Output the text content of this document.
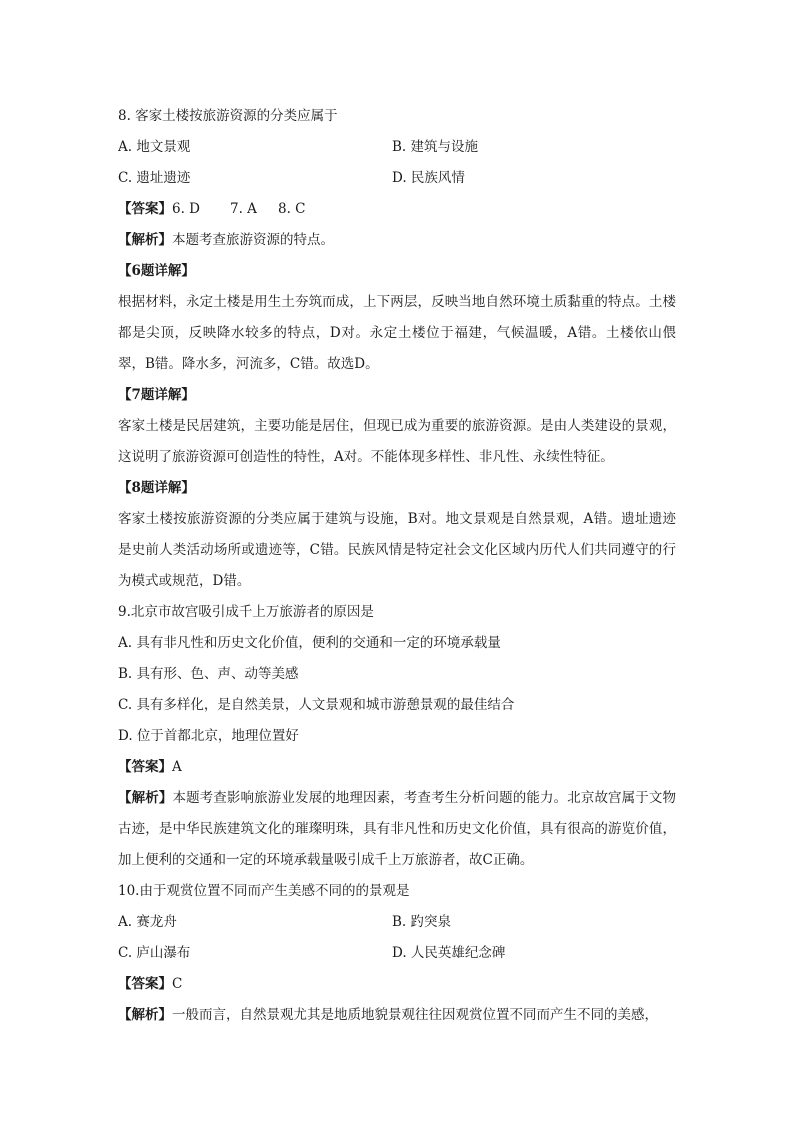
8. 客家土楼按旅游资源的分类应属于
A. 地文景观	B. 建筑与设施
C. 遗址遗迹	D. 民族风情
【答案】6. D 7. A 8. C
【解析】本题考查旅游资源的特点。
【6题详解】
根据材料，永定土楼是用生土夯筑而成，上下两层，反映当地自然环境土质黏重的特点。土楼都是尖顶，反映降水较多的特点，D对。永定土楼位于福建，气候温暖，A错。土楼依山偎翠，B错。降水多，河流多，C错。故选D。
【7题详解】
客家土楼是民居建筑，主要功能是居住，但现已成为重要的旅游资源。是由人类建设的景观，这说明了旅游资源可创造性的特性，A对。不能体现多样性、非凡性、永续性特征。
【8题详解】
客家土楼按旅游资源的分类应属于建筑与设施，B对。地文景观是自然景观，A错。遗址遗迹是史前人类活动场所或遗迹等，C错。民族风情是特定社会文化区域内历代人们共同遵守的行为模式或规范，D错。
9.北京市故宫吸引成千上万旅游者的原因是
A. 具有非凡性和历史文化价值，便利的交通和一定的环境承载量
B. 具有形、色、声、动等美感
C. 具有多样化，是自然美景，人文景观和城市游憩景观的最佳结合
D. 位于首都北京，地理位置好
【答案】A
【解析】本题考查影响旅游业发展的地理因素，考查考生分析问题的能力。北京故宫属于文物古迹，是中华民族建筑文化的璀璨明珠，具有非凡性和历史文化价值，具有很高的游览价值，加上便利的交通和一定的环境承载量吸引成千上万旅游者，故C正确。
10.由于观赏位置不同而产生美感不同的的景观是
A. 赛龙舟	B. 趵突泉
C. 庐山瀑布	D. 人民英雄纪念碑
【答案】C
【解析】一般而言，自然景观尤其是地质地貌景观往往因观赏位置不同而产生不同的美感，
